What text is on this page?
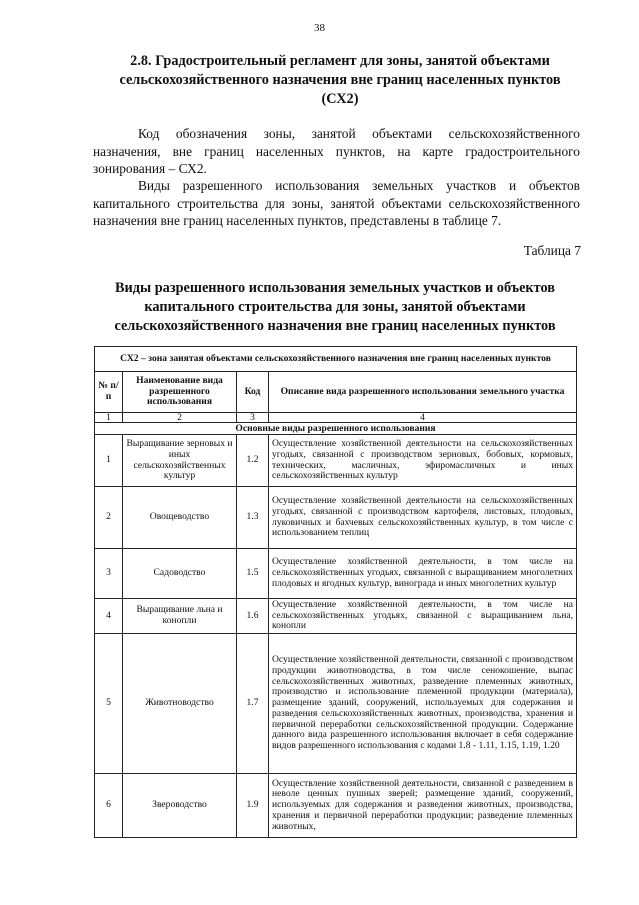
38
2.8. Градостроительный регламент для зоны, занятой объектами сельскохозяйственного назначения вне границ населенных пунктов (СХ2)
Код обозначения зоны, занятой объектами сельскохозяйственного назначения, вне границ населенных пунктов, на карте градостроительного зонирования – СХ2.
Виды разрешенного использования земельных участков и объектов капитального строительства для зоны, занятой объектами сельскохозяйственного назначения вне границ населенных пунктов, представлены в таблице 7.
Таблица 7
Виды разрешенного использования земельных участков и объектов капитального строительства для зоны, занятой объектами сельскохозяйственного назначения вне границ населенных пунктов
СХ2 – зона занятая объектами сельскохозяйственного назначения вне границ населенных пунктов			
№ п/п	Наименование вида разрешенного использования	Код	Описание вида разрешенного использования земельного участка
1	2	3	4
Основные виды разрешенного использования			
1	Выращивание зерновых и иных сельскохозяйственных культур	1.2	Осуществление хозяйственной деятельности на сельскохозяйственных угодьях, связанной с производством зерновых, бобовых, кормовых, технических, масличных, эфиромасличных и иных сельскохозяйственных культур
2	Овощеводство	1.3	Осуществление хозяйственной деятельности на сельскохозяйственных угодьях, связанной с производством картофеля, листовых, плодовых, луковичных и бахчевых сельскохозяйственных культур, в том числе с использованием теплиц
3	Садоводство	1.5	Осуществление хозяйственной деятельности, в том числе на сельскохозяйственных угодьях, связанной с выращиванием многолетних плодовых и ягодных культур, винограда и иных многолетних культур
4	Выращивание льна и конопли	1.6	Осуществление хозяйственной деятельности, в том числе на сельскохозяйственных угодьях, связанной с выращиванием льна, конопли
5	Животноводство	1.7	Осуществление хозяйственной деятельности, связанной с производством продукции животноводства, в том числе сенокошение, выпас сельскохозяйственных животных, разведение племенных животных, производство и использование племенной продукции (материала), размещение зданий, сооружений, используемых для содержания и разведения сельскохозяйственных животных, производства, хранения и первичной переработки сельскохозяйственной продукции. Содержание данного вида разрешенного использования включает в себя содержание видов разрешенного использования с кодами 1.8 - 1.11, 1.15, 1.19, 1.20
6	Звероводство	1.9	Осуществление хозяйственной деятельности, связанной с разведением в неволе ценных пушных зверей; размещение зданий, сооружений, используемых для содержания и разведения животных, производства, хранения и первичной переработки продукции; разведение племенных животных,
